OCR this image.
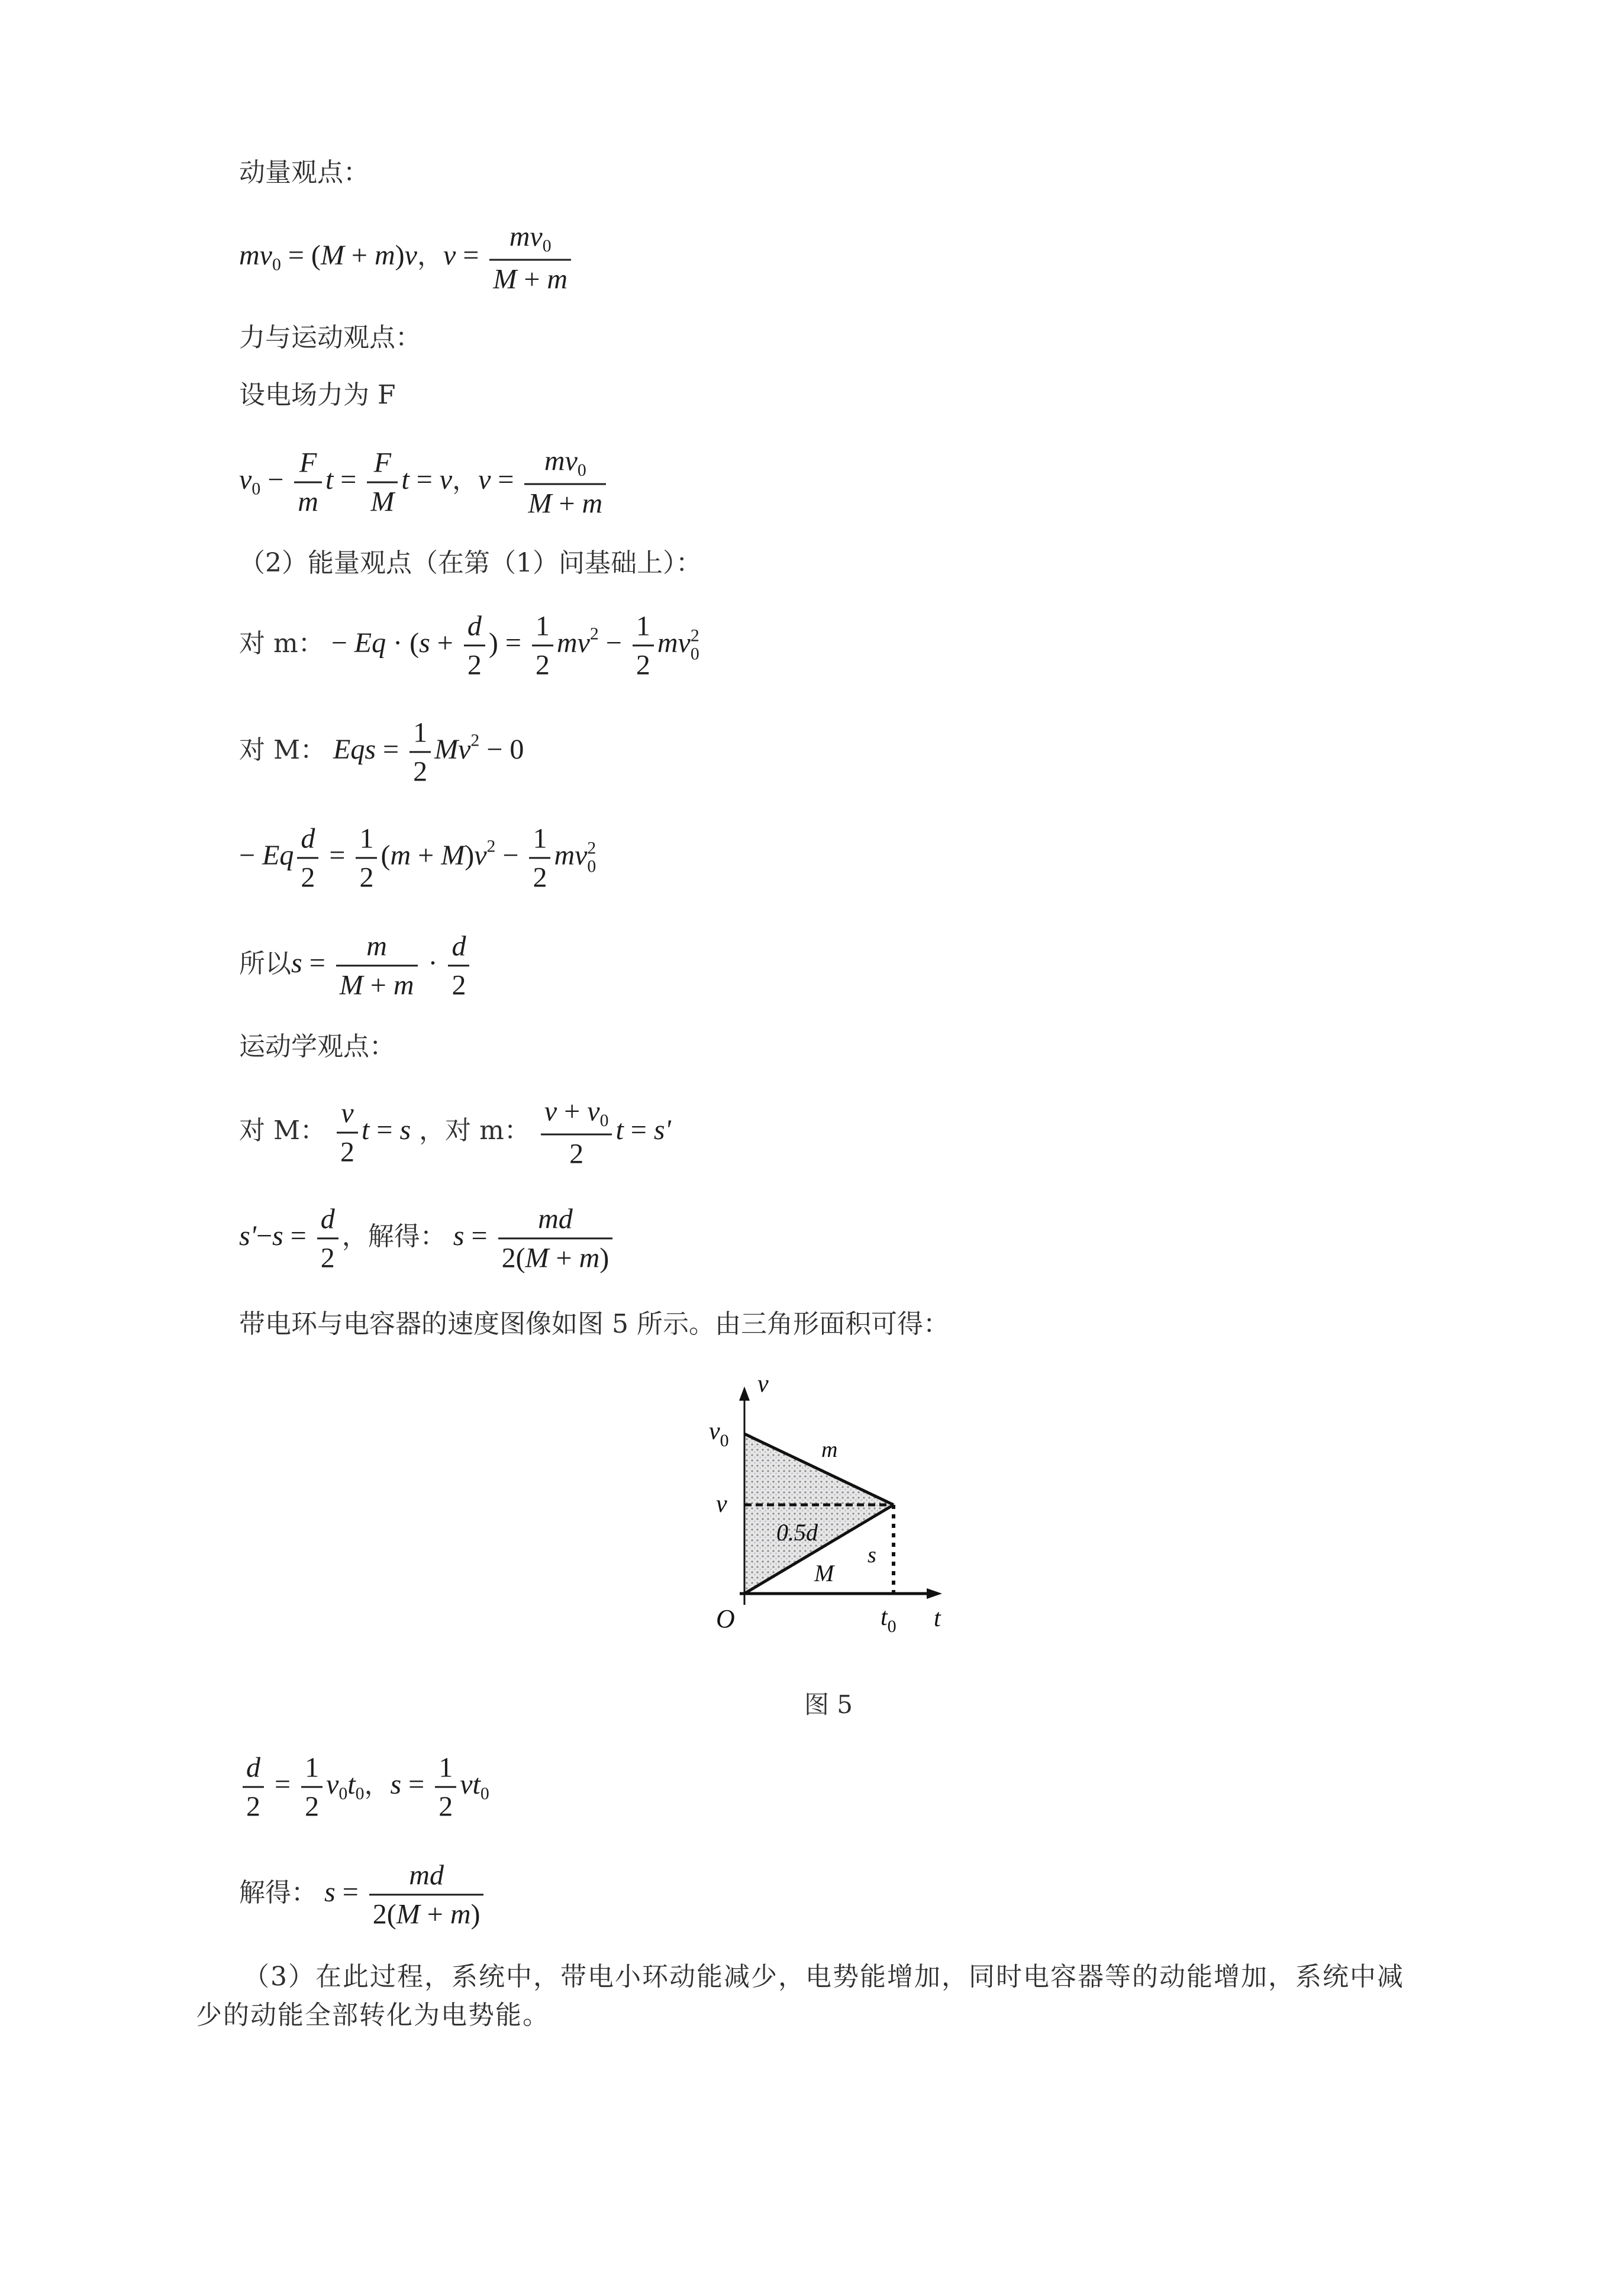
动量观点：
$mv_0 = (M + m)v$，$v = \frac{mv_0}{M + m}$
力与运动观点：
设电场力为 F
$v_0 - \frac{F}{m}$ $t = \frac{F}{M}$ t = v，$v = \frac{mv_0}{M + m}$
（2）能量观点（在第（1）问基础上）：
对 m： − $Eq \cdot (s + \frac{d}{2}$ ) = $\frac{1}{2} mv^2 - \frac{1}{2}$ mv 2
0
对 M： Eqs = $\frac{1}{2} Mv^2 - 0$
− Eq $\frac{d}{2} = \frac{1}{2} (m + M)v^2 - \frac{1}{2}$ mv 2
0
所以$s = \frac{m}{M + m} \cdot \frac{d}{2}$
运动学观点：
对 M： $\frac{v}{2}$ t = s ，对 m： $\frac{v + v_0}{2}$ t = s'
$s'-s = \frac{d}{2}$ ，解得： $s = \frac{md}{2(M + m)}$
带电环与电容器的速度图像如图 5 所示。由三角形面积可得：
v
$v_0$
v
O	$t_0$ t
m
0.5d
s
M
图 5
$\frac{d}{2} = \frac{1}{2} v_0t_0$，$s = \frac{1}{2} vt_0$
解得： $s = \frac{md}{2(M + m)}$
（3）在此过程，系统中，带电小环动能减少，电势能增加，同时电容器等的动能增加，系统中减少的动能全部转化为电势能。
